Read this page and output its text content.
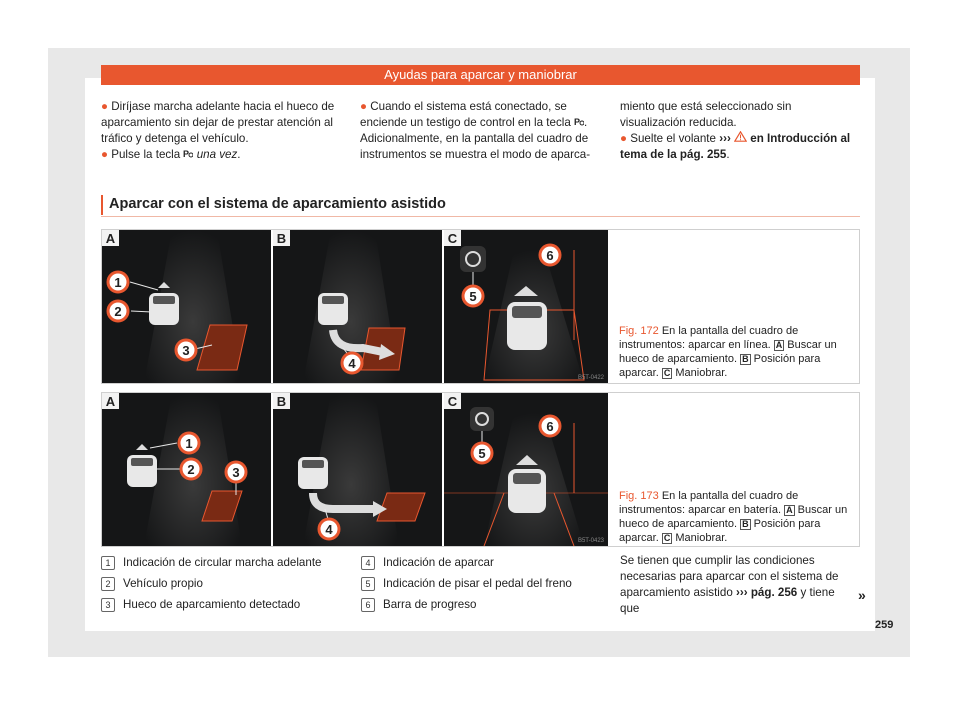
Ayudas para aparcar y maniobrar

● Diríjase marcha adelante hacia el hueco de aparcamiento sin dejar de prestar atención al tráfico y detenga el vehículo.

● Pulse la tecla P una vez.

● Cuando el sistema está conectado, se enciende un testigo de control en la tecla P . Adicionalmente, en la pantalla del cuadro de instrumentos se muestra el modo de aparca-

miento que está seleccionado sin visualización reducida.

● Suelte el volante ››› en Introducción al tema de la pág. 255.

Aparcar con el sistema de aparcamiento asistido
1
2
3
A
4
B
5
6
C
B5T-0422
Fig. 172 En la pantalla del cuadro de instrumentos: aparcar en línea. A Buscar un hueco de aparcamiento. B Posición para aparcar. C Maniobrar.
1
2	3
A
4
B
5
6
C
B5T-0423
Fig. 173 En la pantalla del cuadro de instrumentos: aparcar en batería. A Buscar un hueco de aparcamiento. B Posición para aparcar. C Maniobrar.
1	Indicación de circular marcha adelante
2	Vehículo propio
3	Hueco de aparcamiento detectado
4	Indicación de aparcar
5	Indicación de pisar el pedal del freno
6	Barra de progreso

Se tienen que cumplir las condiciones necesarias para aparcar con el sistema de aparcamiento asistido ››› pág. 256 y tiene que

»
259
